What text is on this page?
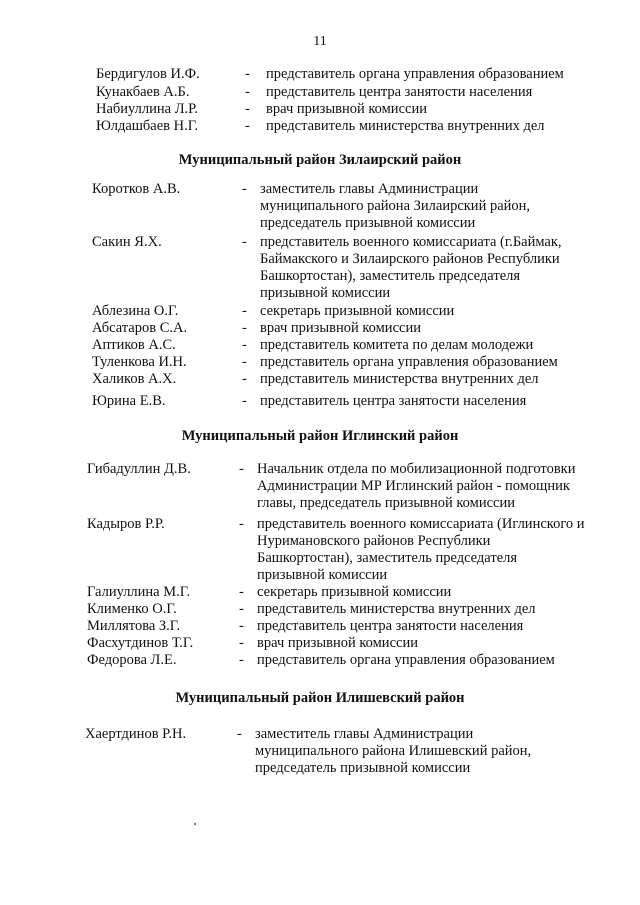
11
Бердигулов И.Ф.	- представитель органа управления образованием
Кунакбаев А.Б.	- представитель центра занятости населения
Набиуллина Л.Р.	- врач призывной комиссии
Юлдашбаев Н.Г.	- представитель министерства внутренних дел
Муниципальный район Зилаирский район
Коротков А.В.	- заместитель главы Администрации
муниципального района Зилаирский район,
председатель призывной комиссии
Сакин Я.Х.	- представитель военного комиссариата (г.Баймак,
Баймакского и Зилаирского районов Республики
Башкортостан), заместитель председателя
призывной комиссии
Аблезина О.Г.	- секретарь призывной комиссии
Абсатаров С.А.	- врач призывной комиссии
Аптиков А.С.	- представитель комитета по делам молодежи
Туленкова И.Н.	- представитель органа управления образованием
Халиков А.Х.	- представитель министерства внутренних дел
Юрина Е.В.	- представитель центра занятости населения
Муниципальный район Иглинский район
Гибадуллин Д.В.	- Начальник отдела по мобилизационной подготовки
Администрации МР Иглинский район - помощник
главы, председатель призывной комиссии
Кадыров Р.Р.	- представитель военного комиссариата (Иглинского и
Нуримановского районов Республики
Башкортостан), заместитель председателя
призывной комиссии
Галиуллина М.Г.	- секретарь призывной комиссии
Клименко О.Г.	- представитель министерства внутренних дел
Миллятова З.Г.	- представитель центра занятости населения
Фасхутдинов Т.Г.	- врач призывной комиссии
Федорова Л.Е.	- представитель органа управления образованием
Муниципальный район Илишевский район
Хаертдинов Р.Н.	- заместитель главы Администрации
муниципального района Илишевский район,
председатель призывной комиссии
